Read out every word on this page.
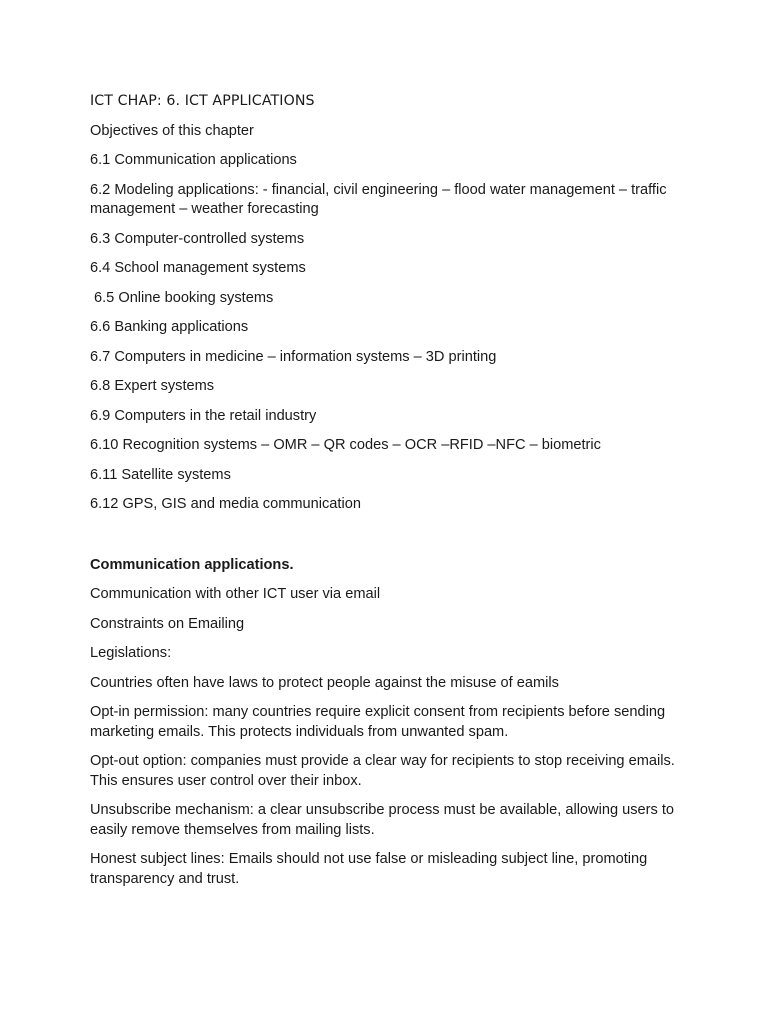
ICT CHAP: 6. ICT APPLICATIONS

Objectives of this chapter

6.1 Communication applications

6.2 Modeling applications: - financial, civil engineering – flood water management – traffic management – weather forecasting

6.3 Computer-controlled systems

6.4 School management systems

6.5 Online booking systems

6.6 Banking applications

6.7 Computers in medicine – information systems – 3D printing

6.8 Expert systems

6.9 Computers in the retail industry

6.10 Recognition systems – OMR – QR codes – OCR –RFID –NFC – biometric

6.11 Satellite systems

6.12 GPS, GIS and media communication

Communication applications.

Communication with other ICT user via email

Constraints on Emailing

Legislations:

Countries often have laws to protect people against the misuse of eamils

Opt-in permission: many countries require explicit consent from recipients before sending marketing emails. This protects individuals from unwanted spam.

Opt-out option: companies must provide a clear way for recipients to stop receiving emails. This ensures user control over their inbox.

Unsubscribe mechanism: a clear unsubscribe process must be available, allowing users to easily remove themselves from mailing lists.

Honest subject lines: Emails should not use false or misleading subject line, promoting transparency and trust.
